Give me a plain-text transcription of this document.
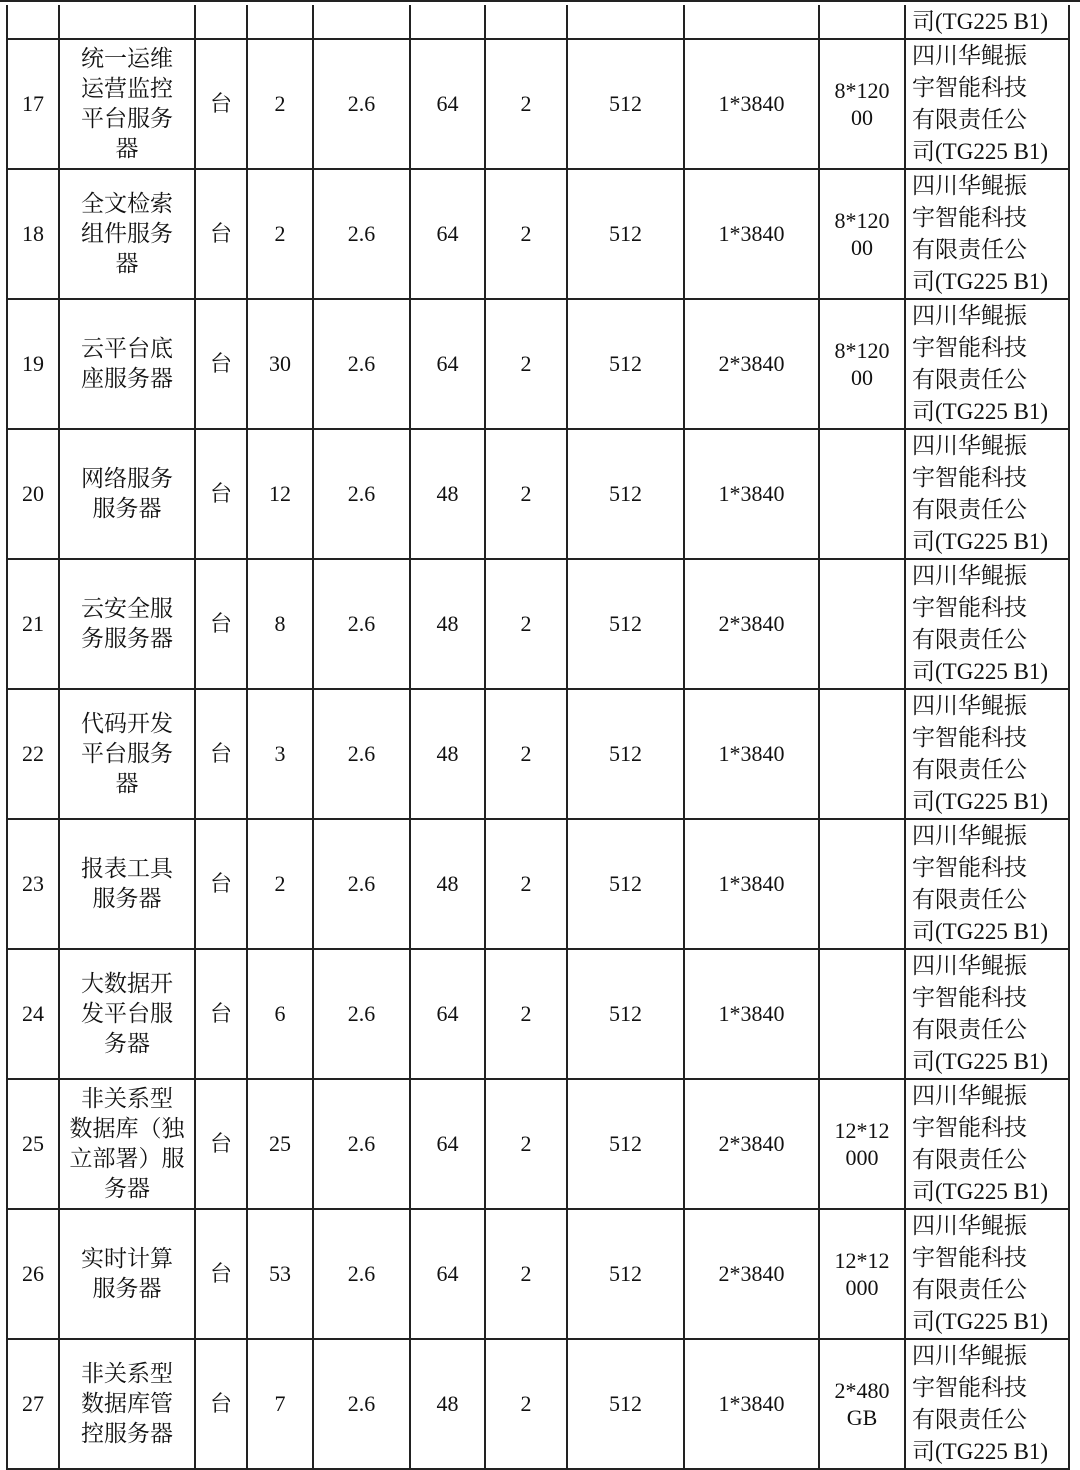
										司(TG225 B1)
17	统一运维
运营监控
平台服务
器	台	2	2.6	64	2	512	1*3840	8*120
00	四川华鲲振
宇智能科技
有限责任公
司(TG225 B1)
18	全文检索
组件服务
器	台	2	2.6	64	2	512	1*3840	8*120
00	四川华鲲振
宇智能科技
有限责任公
司(TG225 B1)
19	云平台底
座服务器	台	30	2.6	64	2	512	2*3840	8*120
00	四川华鲲振
宇智能科技
有限责任公
司(TG225 B1)
20	网络服务
服务器	台	12	2.6	48	2	512	1*3840		四川华鲲振
宇智能科技
有限责任公
司(TG225 B1)
21	云安全服
务服务器	台	8	2.6	48	2	512	2*3840		四川华鲲振
宇智能科技
有限责任公
司(TG225 B1)
22	代码开发
平台服务
器	台	3	2.6	48	2	512	1*3840		四川华鲲振
宇智能科技
有限责任公
司(TG225 B1)
23	报表工具
服务器	台	2	2.6	48	2	512	1*3840		四川华鲲振
宇智能科技
有限责任公
司(TG225 B1)
24	大数据开
发平台服
务器	台	6	2.6	64	2	512	1*3840		四川华鲲振
宇智能科技
有限责任公
司(TG225 B1)
25	非关系型
数据库（独
立部署）服
务器	台	25	2.6	64	2	512	2*3840	12*12
000	四川华鲲振
宇智能科技
有限责任公
司(TG225 B1)
26	实时计算
服务器	台	53	2.6	64	2	512	2*3840	12*12
000	四川华鲲振
宇智能科技
有限责任公
司(TG225 B1)
27	非关系型
数据库管
控服务器	台	7	2.6	48	2	512	1*3840	2*480
GB	四川华鲲振
宇智能科技
有限责任公
司(TG225 B1)
